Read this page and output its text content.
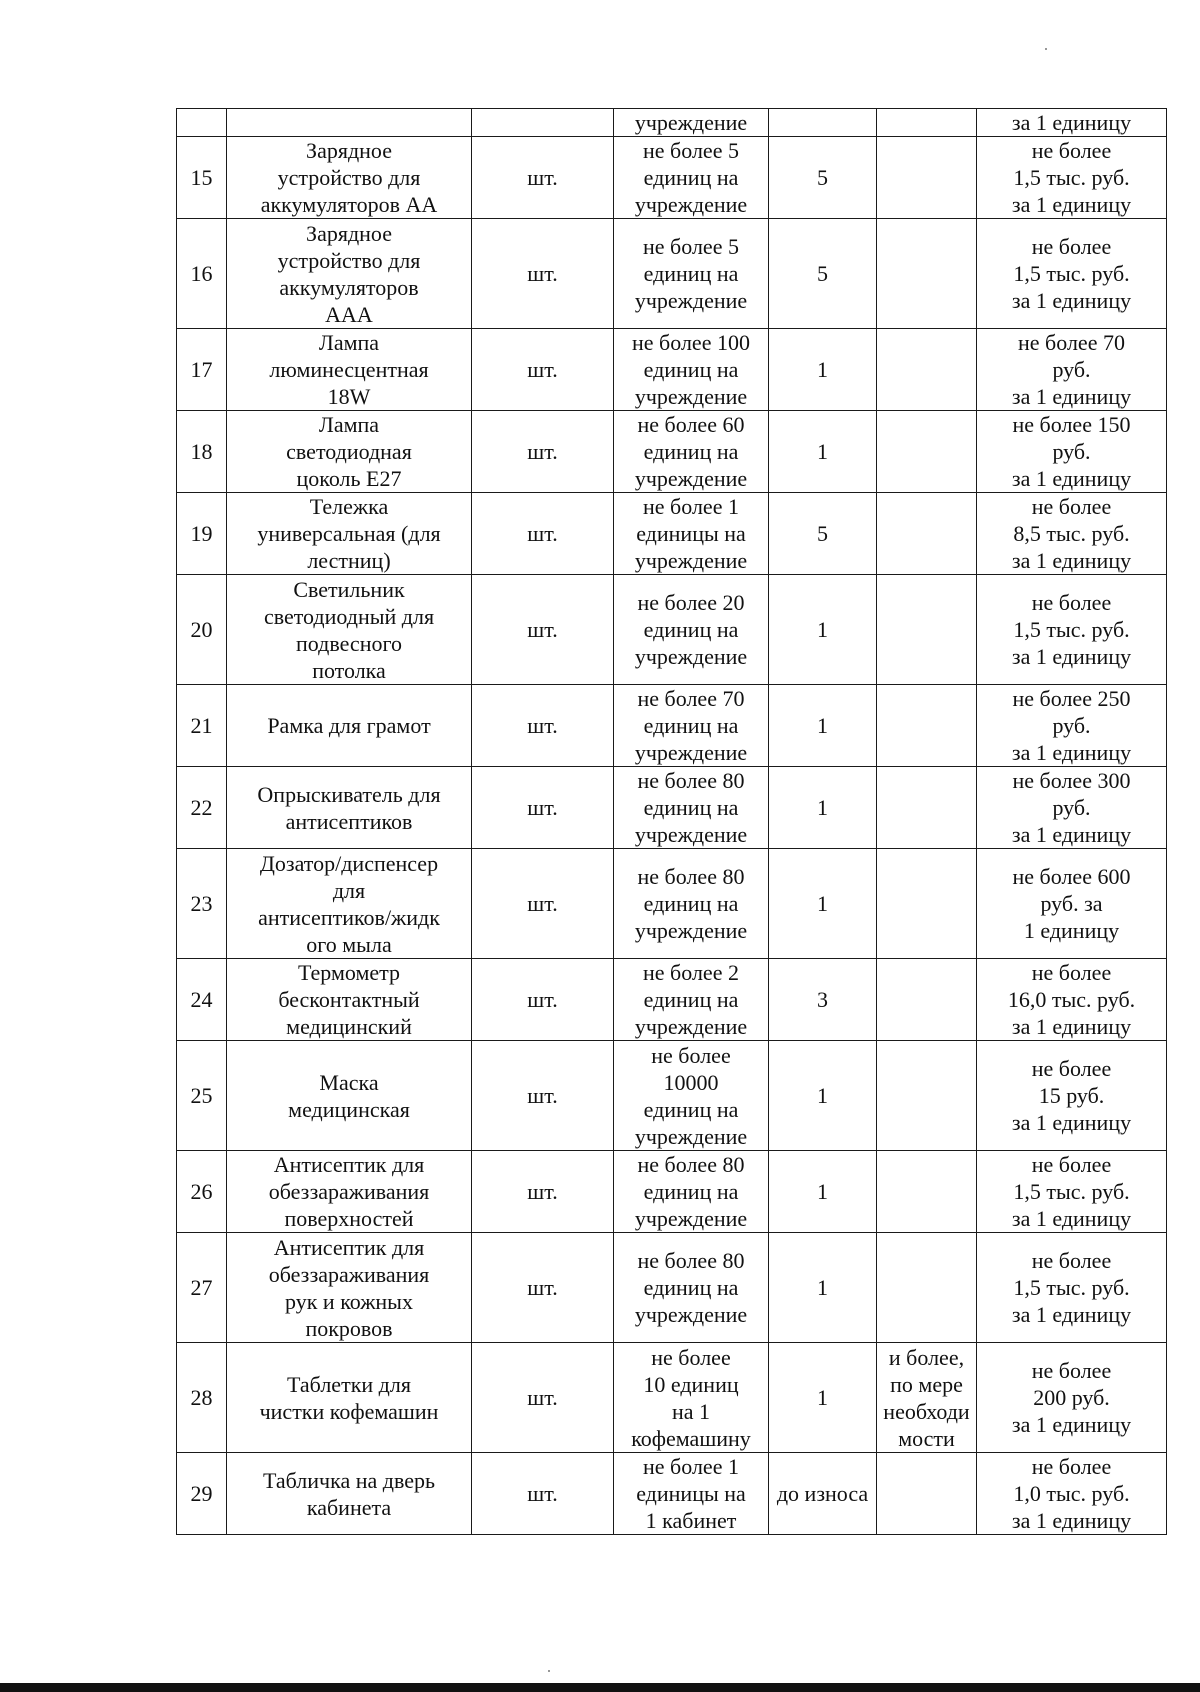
			учреждение			за 1 единицу
15	Зарядное
устройство для
аккумуляторов АА	шт.	не более 5
единиц на
учреждение	5		не более
1,5 тыс. руб.
за 1 единицу
16	Зарядное
устройство для
аккумуляторов
ААА	шт.	не более 5
единиц на
учреждение	5		не более
1,5 тыс. руб.
за 1 единицу
17	Лампа
люминесцентная
18W	шт.	не более 100
единиц на
учреждение	1		не более 70
руб.
за 1 единицу
18	Лампа
светодиодная
цоколь Е27	шт.	не более 60
единиц на
учреждение	1		не более 150
руб.
за 1 единицу
19	Тележка
универсальная (для
лестниц)	шт.	не более 1
единицы на
учреждение	5		не более
8,5 тыс. руб.
за 1 единицу
20	Светильник
светодиодный для
подвесного
потолка	шт.	не более 20
единиц на
учреждение	1		не более
1,5 тыс. руб.
за 1 единицу
21	Рамка для грамот	шт.	не более 70
единиц на
учреждение	1		не более 250
руб.
за 1 единицу
22	Опрыскиватель для
антисептиков	шт.	не более 80
единиц на
учреждение	1		не более 300
руб.
за 1 единицу
23	Дозатор/диспенсер
для
антисептиков/жидк
ого мыла	шт.	не более 80
единиц на
учреждение	1		не более 600
руб. за
1 единицу
24	Термометр
бесконтактный
медицинский	шт.	не более 2
единиц на
учреждение	3		не более
16,0 тыс. руб.
за 1 единицу
25	Маска
медицинская	шт.	не более
10000
единиц на
учреждение	1		не более
15 руб.
за 1 единицу
26	Антисептик для
обеззараживания
поверхностей	шт.	не более 80
единиц на
учреждение	1		не более
1,5 тыс. руб.
за 1 единицу
27	Антисептик для
обеззараживания
рук и кожных
покровов	шт.	не более 80
единиц на
учреждение	1		не более
1,5 тыс. руб.
за 1 единицу
28	Таблетки для
чистки кофемашин	шт.	не более
10 единиц
на 1
кофемашину	1	и более,
по мере
необходи
мости	не более
200 руб.
за 1 единицу
29	Табличка на дверь
кабинета	шт.	не более 1
единицы на
1 кабинет	до износа		не более
1,0 тыс. руб.
за 1 единицу
